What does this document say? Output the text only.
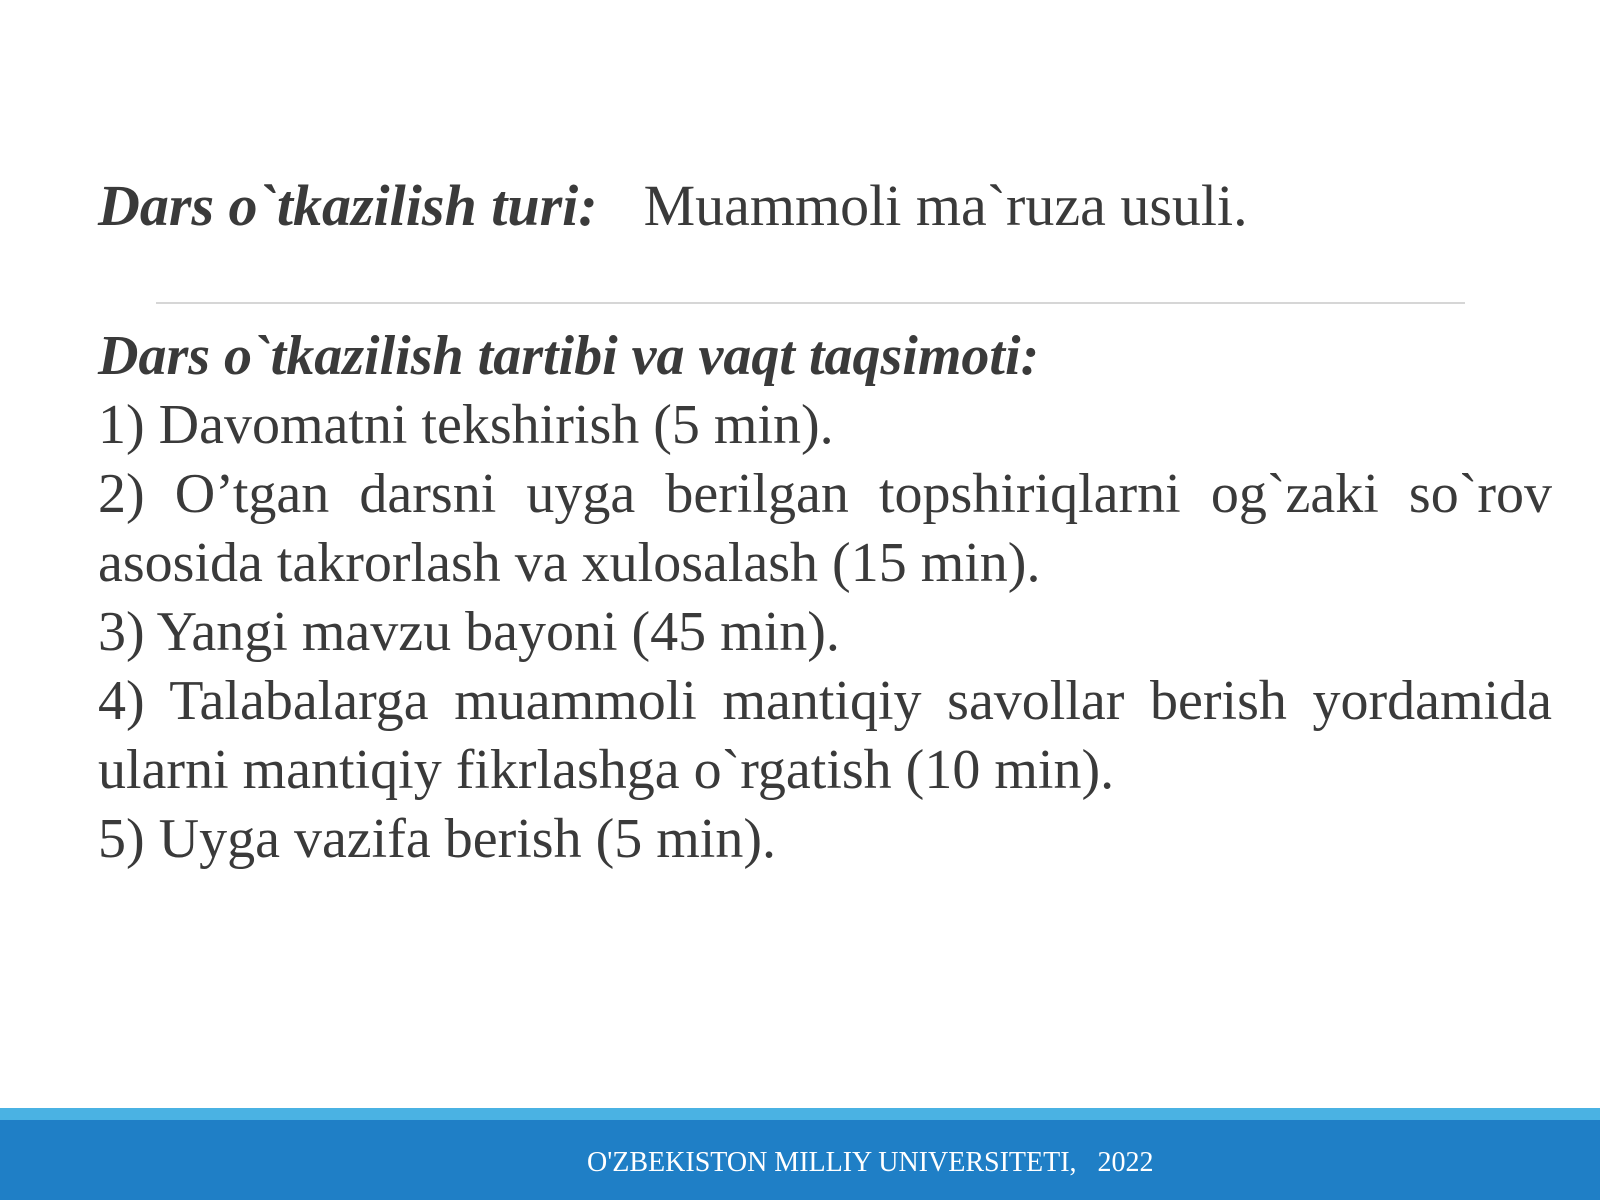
Dars o`tkazilish turi: Muammoli ma`ruza usuli.
Dars o`tkazilish tartibi va vaqt taqsimoti:
1) Davomatni tekshirish (5 min).
2) O’tgan darsni uyga berilgan topshiriqlarni og`zaki so`rov asosida takrorlash va xulosalash (15 min).
3) Yangi mavzu bayoni (45 min).
4) Talabalarga muammoli mantiqiy savollar berish yordamida ularni mantiqiy fikrlashga o`rgatish (10 min).
5) Uyga vazifa berish (5 min).
O'ZBEKISTON MILLIY UNIVERSITETI,   2022
